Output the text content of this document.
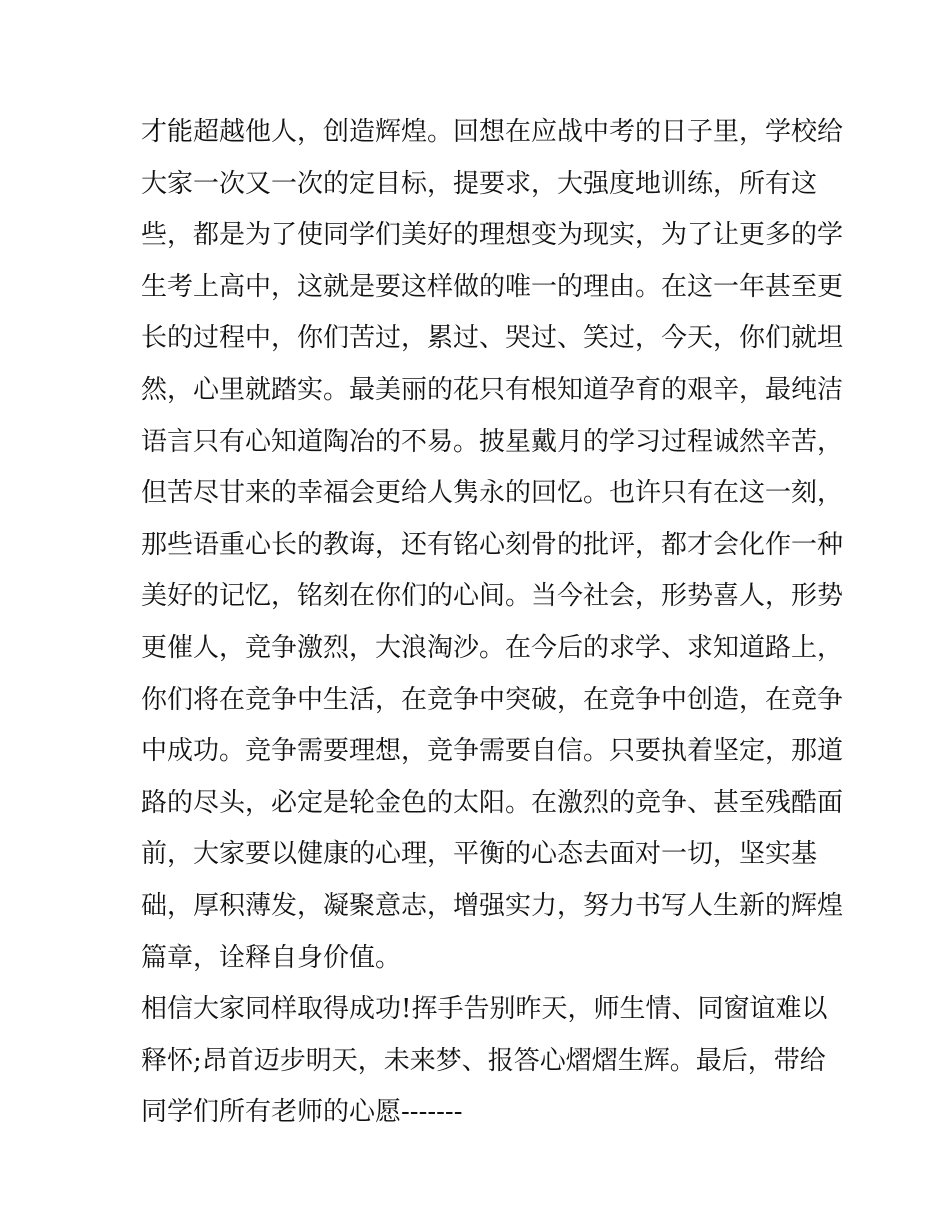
才能超越他人，创造辉煌。回想在应战中考的日子里，学校给
大家一次又一次的定目标，提要求，大强度地训练，所有这
些，都是为了使同学们美好的理想变为现实，为了让更多的学
生考上高中，这就是要这样做的唯一的理由。在这一年甚至更
长的过程中，你们苦过，累过、哭过、笑过，今天，你们就坦
然，心里就踏实。最美丽的花只有根知道孕育的艰辛，最纯洁
语言只有心知道陶冶的不易。披星戴月的学习过程诚然辛苦，
但苦尽甘来的幸福会更给人隽永的回忆。也许只有在这一刻，
那些语重心长的教诲，还有铭心刻骨的批评，都才会化作一种
美好的记忆，铭刻在你们的心间。当今社会，形势喜人，形势
更催人，竞争激烈，大浪淘沙。在今后的求学、求知道路上，
你们将在竞争中生活，在竞争中突破，在竞争中创造，在竞争
中成功。竞争需要理想，竞争需要自信。只要执着坚定，那道
路的尽头，必定是轮金色的太阳。在激烈的竞争、甚至残酷面
前，大家要以健康的心理，平衡的心态去面对一切，坚实基
础，厚积薄发，凝聚意志，增强实力，努力书写人生新的辉煌
篇章，诠释自身价值。
相信大家同样取得成功!挥手告别昨天，师生情、同窗谊难以
释怀;昂首迈步明天，未来梦、报答心熠熠生辉。最后，带给
同学们所有老师的心愿-------
